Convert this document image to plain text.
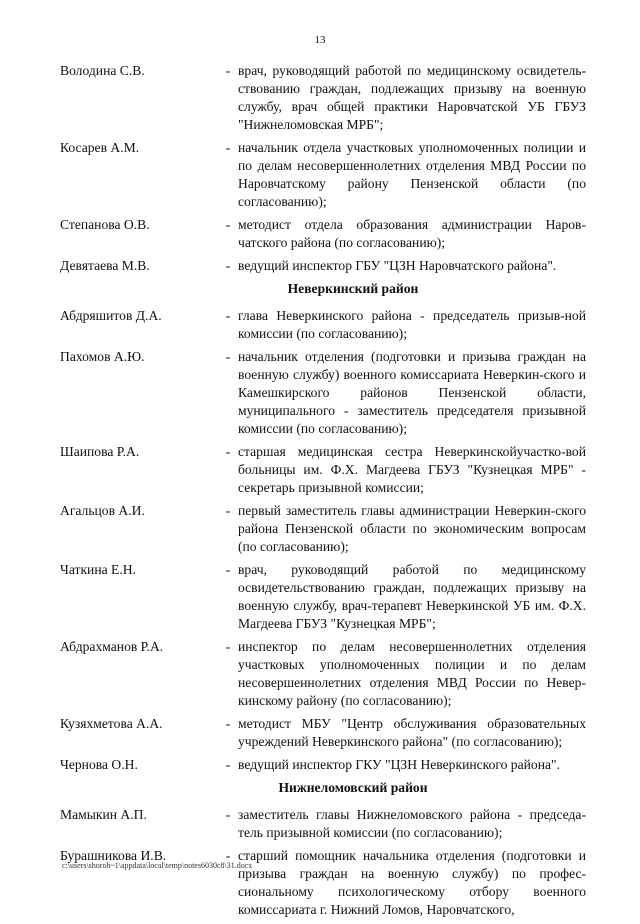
13
Володина С.В.	- врач, руководящий работой по медицинскому освидетель-ствованию граждан, подлежащих призыву на военную службу, врач общей практики Наровчатской УБ ГБУЗ "Нижнеломовская МРБ";
Косарев А.М.	- начальник отдела участковых уполномоченных полиции и по делам несовершеннолетних отделения МВД России по Наровчатскому району Пензенской области (по согласованию);
Степанова О.В.	- методист отдела образования администрации Наров-чатского района (по согласованию);
Девятаева М.В.	- ведущий инспектор ГБУ "ЦЗН Наровчатского района".
Неверкинский район
Абдряшитов Д.А.	- глава Неверкинского района - председатель призыв-ной комиссии (по согласованию);
Пахомов А.Ю.	- начальник отделения (подготовки и призыва граждан на военную службу) военного комиссариата Неверкин-ского и Камешкирского районов Пензенской области, муниципального - заместитель председателя призывной комиссии (по согласованию);
Шаипова Р.А.	- старшая медицинская сестра Неверкинскойучастко-вой больницы им. Ф.Х. Магдеева ГБУЗ "Кузнецкая МРБ" - секретарь призывной комиссии;
Агальцов А.И.	- первый заместитель главы администрации Неверкин-ского района Пензенской области по экономическим вопросам (по согласованию);
Чаткина Е.Н.	- врач, руководящий работой по медицинскому освидетельствованию граждан, подлежащих призыву на военную службу, врач-терапевт Неверкинской УБ им. Ф.Х. Магдеева ГБУЗ "Кузнецкая МРБ";
Абдрахманов Р.А.	- инспектор по делам несовершеннолетних отделения участковых уполномоченных полиции и по делам несовершеннолетних отделения МВД России по Невер-кинскому району (по согласованию);
Кузяхметова А.А.	- методист МБУ "Центр обслуживания образовательных учреждений Неверкинского района" (по согласованию);
Чернова О.Н.	- ведущий инспектор ГКУ "ЦЗН Неверкинского района".
Нижнеломовский район
Мамыкин А.П.	- заместитель главы Нижнеломовского района - председа-тель призывной комиссии (по согласованию);
Бурашникова И.В.	- старший помощник начальника отделения (подготовки и призыва граждан на военную службу) по профес-сиональному психологическому отбору военного комиссариата г. Нижний Ломов, Наровчатского,
c:\users\shoroh~1\appdata\local\temp\notes6030c8\31.docx
